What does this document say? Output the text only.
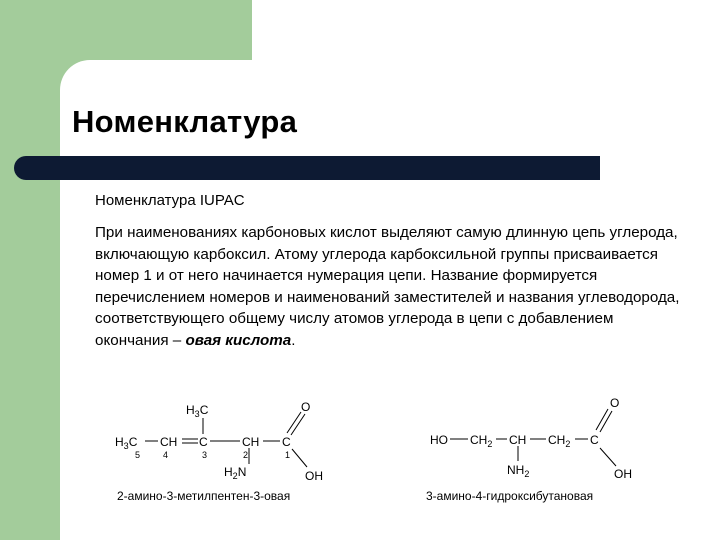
Номенклатура
Номенклатура IUPAC
При наименованиях карбоновых кислот выделяют самую длинную цепь углерода, включающую карбоксил. Атому углерода карбоксильной группы присваивается номер 1 и от него начинается нумерация цепи. Название формируется перечислением номеров и наименований заместителей и названия углеводорода, соответствующего общему числу атомов углерода в цепи с добавлением окончания – овая кислота.
$H_3C$
$H_3C$ CH C	CH C
O
OH
$H_2N$
5	4	3	2	1
2-амино-3-метилпентен-3-овая
HO $CH_2$ CH $CH_2$ C
O
OH
$NH_2$
3-амино-4-гидроксибутановая
